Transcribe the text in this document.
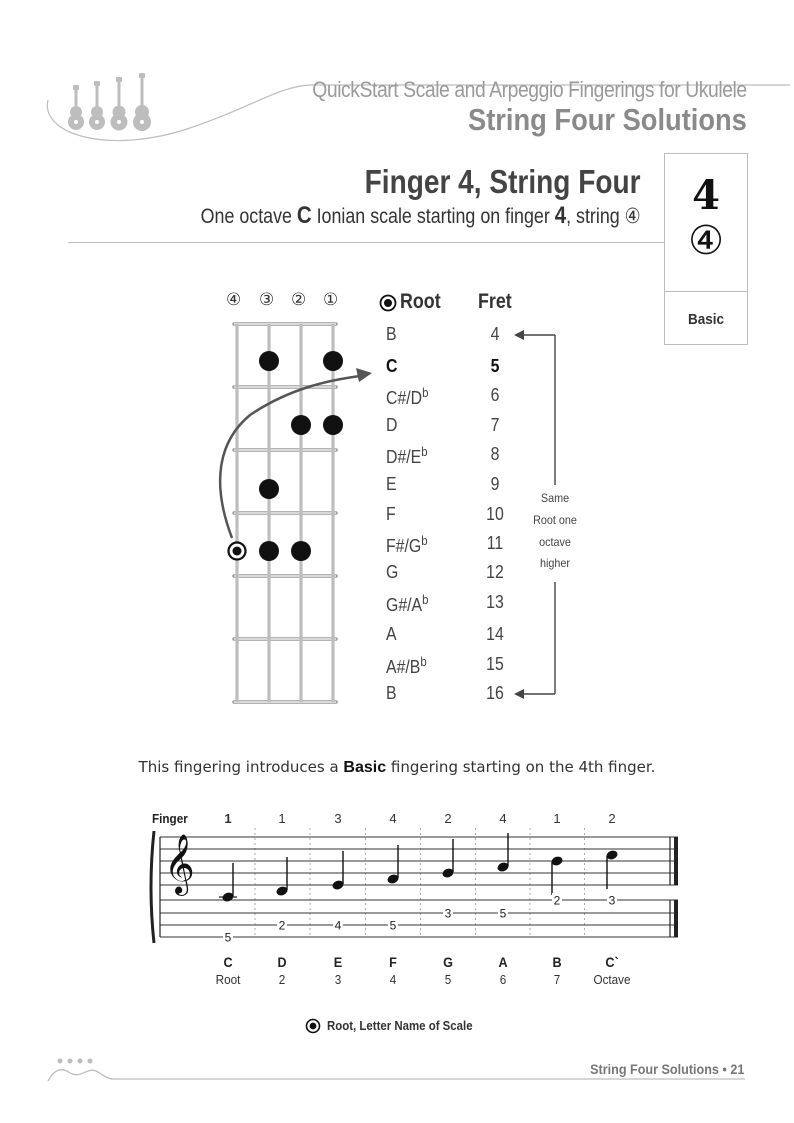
QuickStart Scale and Arpeggio Fingerings for Ukulele
String Four Solutions
Finger 4, String Four
One octave C Ionian scale starting on finger 4, string ④	4
④
Basic
④ ③ ② ①	Root Fret
B	4
C	5
$C\#/D^b$	6
D	7
$D\#/E^b$	8
E	9
F	10
$F\#/G^b$	11
G	12
$G\#/A^b$	13
A	14
$A\#/B^b$	15
B	16
Same
Root one
octave
higher
This fingering introduces a Basic fingering starting on the 4th finger.
Finger	1	1	3	4	2	4	1	2
𝄞
5
2	4	5
3	5
2	3
C	D	E	F	G	A	B	C`
Root	2	3	4	5	6	7	Octave
Root, Letter Name of Scale
String Four Solutions • 21
